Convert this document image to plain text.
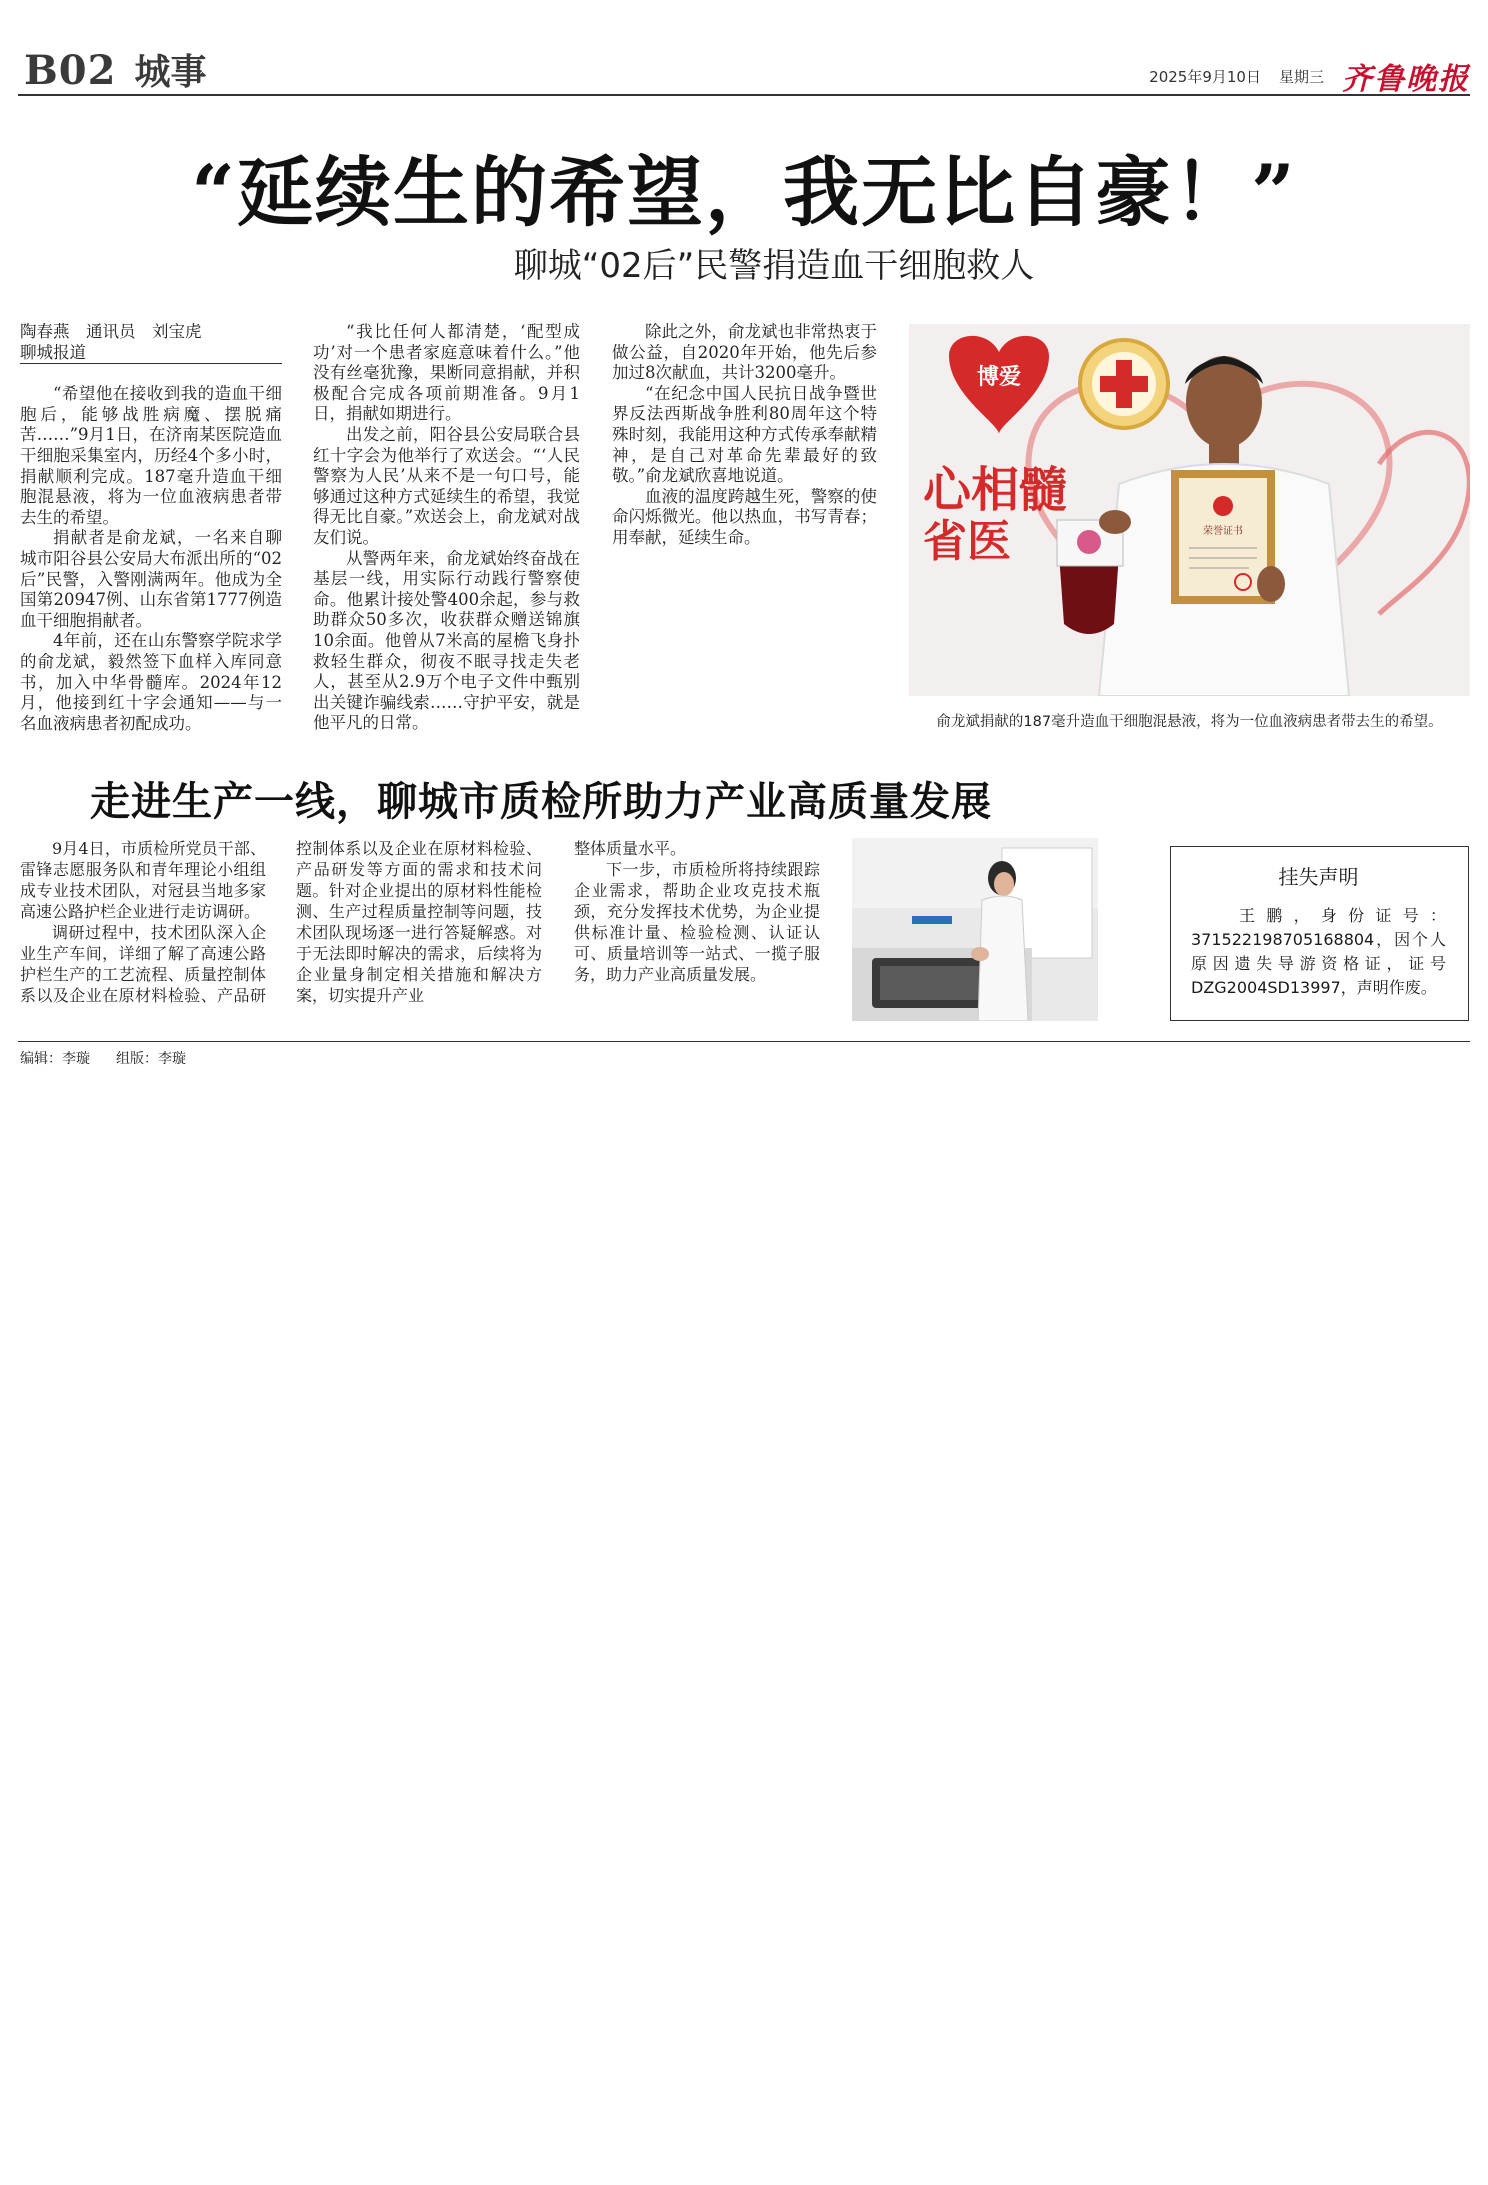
B02 城事	2025年9月10日 星期三 齐鲁晚报
“延续生的希望，我无比自豪！”
聊城“02后”民警捐造血干细胞救人
陶春燕　通讯员　刘宝虎
聊城报道

“希望他在接收到我的造血干细胞后，能够战胜病魔、摆脱痛苦……”9月1日，在济南某医院造血干细胞采集室内，历经4个多小时，捐献顺利完成。187毫升造血干细胞混悬液，将为一位血液病患者带去生的希望。

捐献者是俞龙斌，一名来自聊城市阳谷县公安局大布派出所的“02后”民警，入警刚满两年。他成为全国第20947例、山东省第1777例造血干细胞捐献者。

4年前，还在山东警察学院求学的俞龙斌，毅然签下血样入库同意书，加入中华骨髓库。2024年12月，他接到红十字会通知——与一名血液病患者初配成功。

“我比任何人都清楚，‘配型成功’对一个患者家庭意味着什么。”他没有丝毫犹豫，果断同意捐献，并积极配合完成各项前期准备。9月1日，捐献如期进行。

出发之前，阳谷县公安局联合县红十字会为他举行了欢送会。“‘人民警察为人民’从来不是一句口号，能够通过这种方式延续生的希望，我觉得无比自豪。”欢送会上，俞龙斌对战友们说。

从警两年来，俞龙斌始终奋战在基层一线，用实际行动践行警察使命。他累计接处警400余起，参与救助群众50多次，收获群众赠送锦旗10余面。他曾从7米高的屋檐飞身扑救轻生群众，彻夜不眠寻找走失老人，甚至从2.9万个电子文件中甄别出关键诈骗线索……守护平安，就是他平凡的日常。

除此之外，俞龙斌也非常热衷于做公益，自2020年开始，他先后参加过8次献血，共计3200毫升。

“在纪念中国人民抗日战争暨世界反法西斯战争胜利80周年这个特殊时刻，我能用这种方式传承奉献精神，是自己对革命先辈最好的致敬。”俞龙斌欣喜地说道。

血液的温度跨越生死，警察的使命闪烁微光。他以热血，书写青春；用奉献，延续生命。

博爱
心相髓
省医	荣誉证书
俞龙斌捐献的187毫升造血干细胞混悬液，将为一位血液病患者带去生的希望。
走进生产一线，聊城市质检所助力产业高质量发展

9月4日，市质检所党员干部、雷锋志愿服务队和青年理论小组组成专业技术团队，对冠县当地多家高速公路护栏企业进行走访调研。

调研过程中，技术团队深入企业生产车间，详细了解了高速公路护栏生产的工艺流程、质量控制体系以及企业在原材料检验、产品研

控制体系以及企业在原材料检验、产品研发等方面的需求和技术问题。针对企业提出的原材料性能检测、生产过程质量控制等问题，技术团队现场逐一进行答疑解惑。对于无法即时解决的需求，后续将为企业量身制定相关措施和解决方案，切实提升产业

整体质量水平。

下一步，市质检所将持续跟踪企业需求，帮助企业攻克技术瓶颈，充分发挥技术优势，为企业提供标准计量、检验检测、认证认可、质量培训等一站式、一揽子服务，助力产业高质量发展。

挂失声明
王鹏，身份证号：371522198705168804，因个人原因遗失导游资格证，证号DZG2004SD13997，声明作废。
编辑：李璇 组版：李璇
